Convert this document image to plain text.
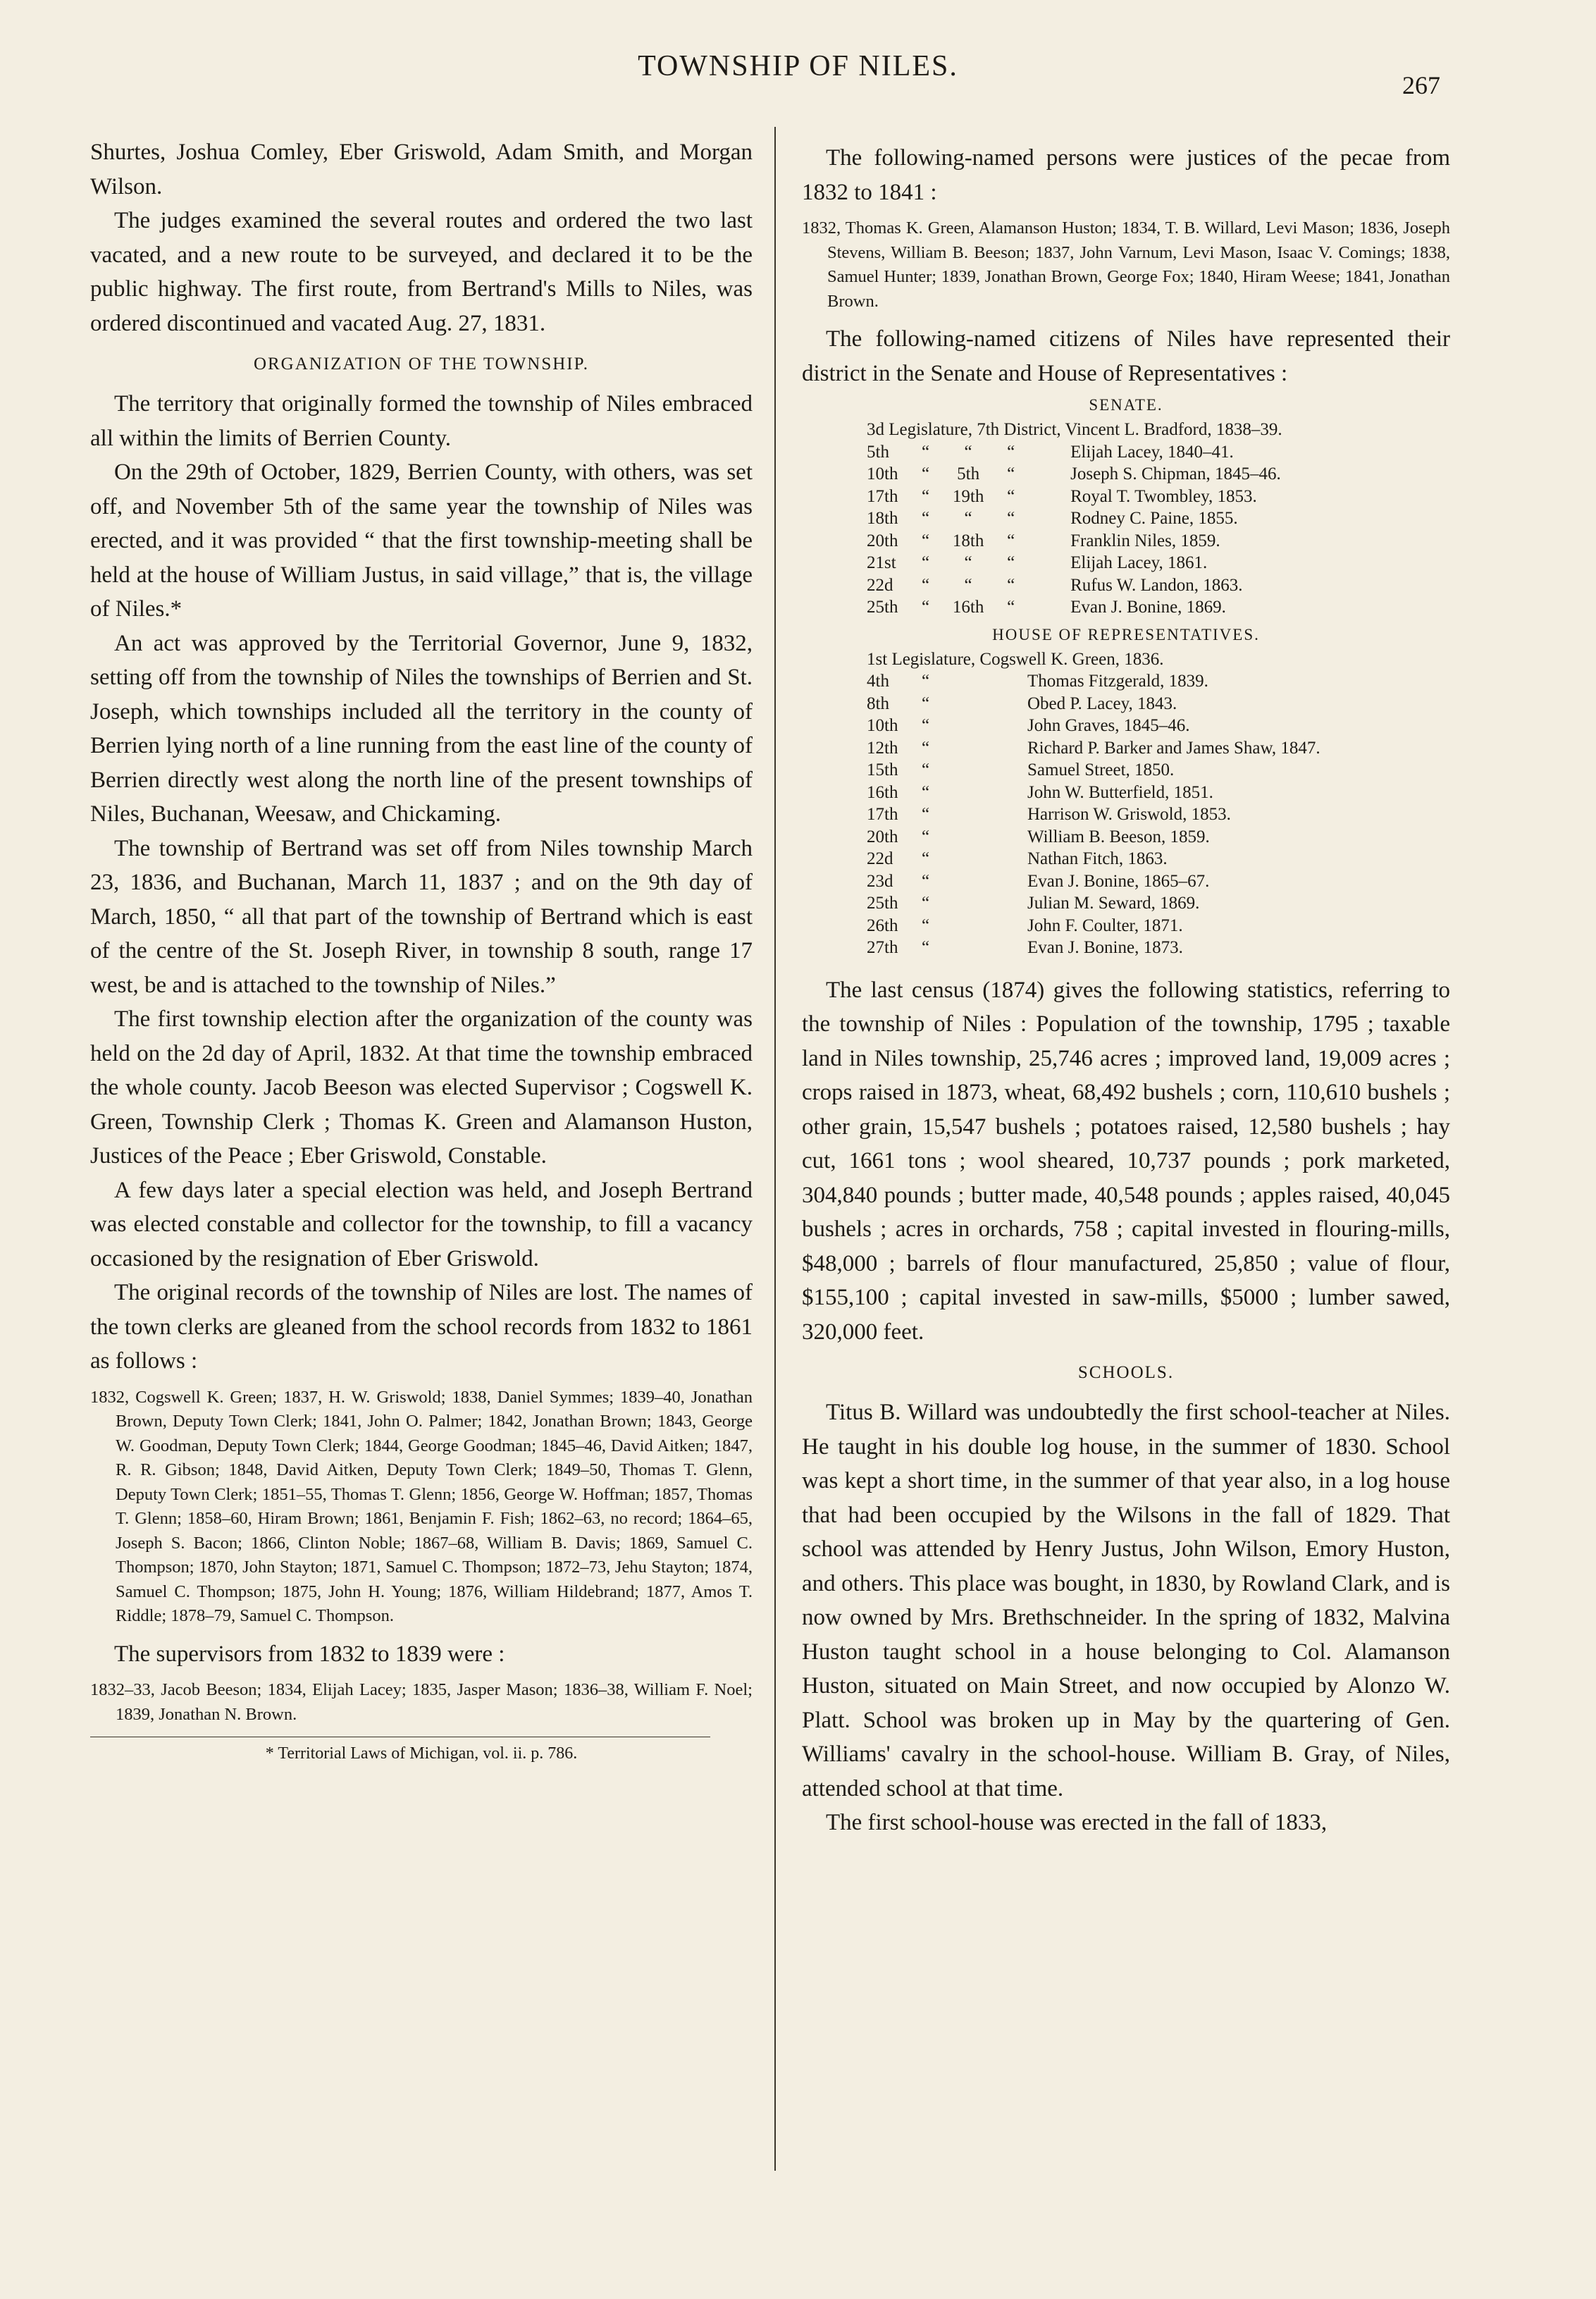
TOWNSHIP OF NILES.
267

Shurtes, Joshua Comley, Eber Griswold, Adam Smith, and Morgan Wilson.

The judges examined the several routes and ordered the two last vacated, and a new route to be surveyed, and declared it to be the public highway. The first route, from Bertrand's Mills to Niles, was ordered discontinued and vacated Aug. 27, 1831.

ORGANIZATION OF THE TOWNSHIP.

The territory that originally formed the township of Niles embraced all within the limits of Berrien County.

On the 29th of October, 1829, Berrien County, with others, was set off, and November 5th of the same year the township of Niles was erected, and it was provided “ that the first township-meeting shall be held at the house of William Justus, in said village,” that is, the village of Niles.*

An act was approved by the Territorial Governor, June 9, 1832, setting off from the township of Niles the townships of Berrien and St. Joseph, which townships included all the territory in the county of Berrien lying north of a line running from the east line of the county of Berrien directly west along the north line of the present townships of Niles, Buchanan, Weesaw, and Chickaming.

The township of Bertrand was set off from Niles township March 23, 1836, and Buchanan, March 11, 1837 ; and on the 9th day of March, 1850, “ all that part of the township of Bertrand which is east of the centre of the St. Joseph River, in township 8 south, range 17 west, be and is attached to the township of Niles.”

The first township election after the organization of the county was held on the 2d day of April, 1832. At that time the township embraced the whole county. Jacob Beeson was elected Supervisor ; Cogswell K. Green, Township Clerk ; Thomas K. Green and Alamanson Huston, Justices of the Peace ; Eber Griswold, Constable.

A few days later a special election was held, and Joseph Bertrand was elected constable and collector for the township, to fill a vacancy occasioned by the resignation of Eber Griswold.

The original records of the township of Niles are lost. The names of the town clerks are gleaned from the school records from 1832 to 1861 as follows :

1832, Cogswell K. Green; 1837, H. W. Griswold; 1838, Daniel Symmes; 1839–40, Jonathan Brown, Deputy Town Clerk; 1841, John O. Palmer; 1842, Jonathan Brown; 1843, George W. Goodman, Deputy Town Clerk; 1844, George Goodman; 1845–46, David Aitken; 1847, R. R. Gibson; 1848, David Aitken, Deputy Town Clerk; 1849–50, Thomas T. Glenn, Deputy Town Clerk; 1851–55, Thomas T. Glenn; 1856, George W. Hoffman; 1857, Thomas T. Glenn; 1858–60, Hiram Brown; 1861, Benjamin F. Fish; 1862–63, no record; 1864–65, Joseph S. Bacon; 1866, Clinton Noble; 1867–68, William B. Davis; 1869, Samuel C. Thompson; 1870, John Stayton; 1871, Samuel C. Thompson; 1872–73, Jehu Stayton; 1874, Samuel C. Thompson; 1875, John H. Young; 1876, William Hildebrand; 1877, Amos T. Riddle; 1878–79, Samuel C. Thompson.

The supervisors from 1832 to 1839 were :

1832–33, Jacob Beeson; 1834, Elijah Lacey; 1835, Jasper Mason; 1836–38, William F. Noel; 1839, Jonathan N. Brown.

* Territorial Laws of Michigan, vol. ii. p. 786.

The following-named persons were justices of the pecae from 1832 to 1841 :

1832, Thomas K. Green, Alamanson Huston; 1834, T. B. Willard, Levi Mason; 1836, Joseph Stevens, William B. Beeson; 1837, John Varnum, Levi Mason, Isaac V. Comings; 1838, Samuel Hunter; 1839, Jonathan Brown, George Fox; 1840, Hiram Weese; 1841, Jonathan Brown.

The following-named citizens of Niles have represented their district in the Senate and House of Representatives :

SENATE.
3d Legislature, 7th District, Vincent L. Bradford, 1838–39.				
5th	“	“	“	Elijah Lacey, 1840–41.
10th	“	5th	“	Joseph S. Chipman, 1845–46.
17th	“	19th	“	Royal T. Twombley, 1853.
18th	“	“	“	Rodney C. Paine, 1855.
20th	“	18th	“	Franklin Niles, 1859.
21st	“	“	“	Elijah Lacey, 1861.
22d	“	“	“	Rufus W. Landon, 1863.
25th	“	16th	“	Evan J. Bonine, 1869.
HOUSE OF REPRESENTATIVES.
1st Legislature, Cogswell K. Green, 1836.		
4th	“	Thomas Fitzgerald, 1839.
8th	“	Obed P. Lacey, 1843.
10th	“	John Graves, 1845–46.
12th	“	Richard P. Barker and James Shaw, 1847.
15th	“	Samuel Street, 1850.
16th	“	John W. Butterfield, 1851.
17th	“	Harrison W. Griswold, 1853.
20th	“	William B. Beeson, 1859.
22d	“	Nathan Fitch, 1863.
23d	“	Evan J. Bonine, 1865–67.
25th	“	Julian M. Seward, 1869.
26th	“	John F. Coulter, 1871.
27th	“	Evan J. Bonine, 1873.

The last census (1874) gives the following statistics, referring to the township of Niles : Population of the township, 1795 ; taxable land in Niles township, 25,746 acres ; improved land, 19,009 acres ; crops raised in 1873, wheat, 68,492 bushels ; corn, 110,610 bushels ; other grain, 15,547 bushels ; potatoes raised, 12,580 bushels ; hay cut, 1661 tons ; wool sheared, 10,737 pounds ; pork marketed, 304,840 pounds ; butter made, 40,548 pounds ; apples raised, 40,045 bushels ; acres in orchards, 758 ; capital invested in flouring-mills, $48,000 ; barrels of flour manufactured, 25,850 ; value of flour, $155,100 ; capital invested in saw-mills, $5000 ; lumber sawed, 320,000 feet.

SCHOOLS.

Titus B. Willard was undoubtedly the first school-teacher at Niles. He taught in his double log house, in the summer of 1830. School was kept a short time, in the summer of that year also, in a log house that had been occupied by the Wilsons in the fall of 1829. That school was attended by Henry Justus, John Wilson, Emory Huston, and others. This place was bought, in 1830, by Rowland Clark, and is now owned by Mrs. Brethschneider. In the spring of 1832, Malvina Huston taught school in a house belonging to Col. Alamanson Huston, situated on Main Street, and now occupied by Alonzo W. Platt. School was broken up in May by the quartering of Gen. Williams' cavalry in the school-house. William B. Gray, of Niles, attended school at that time.

The first school-house was erected in the fall of 1833,
